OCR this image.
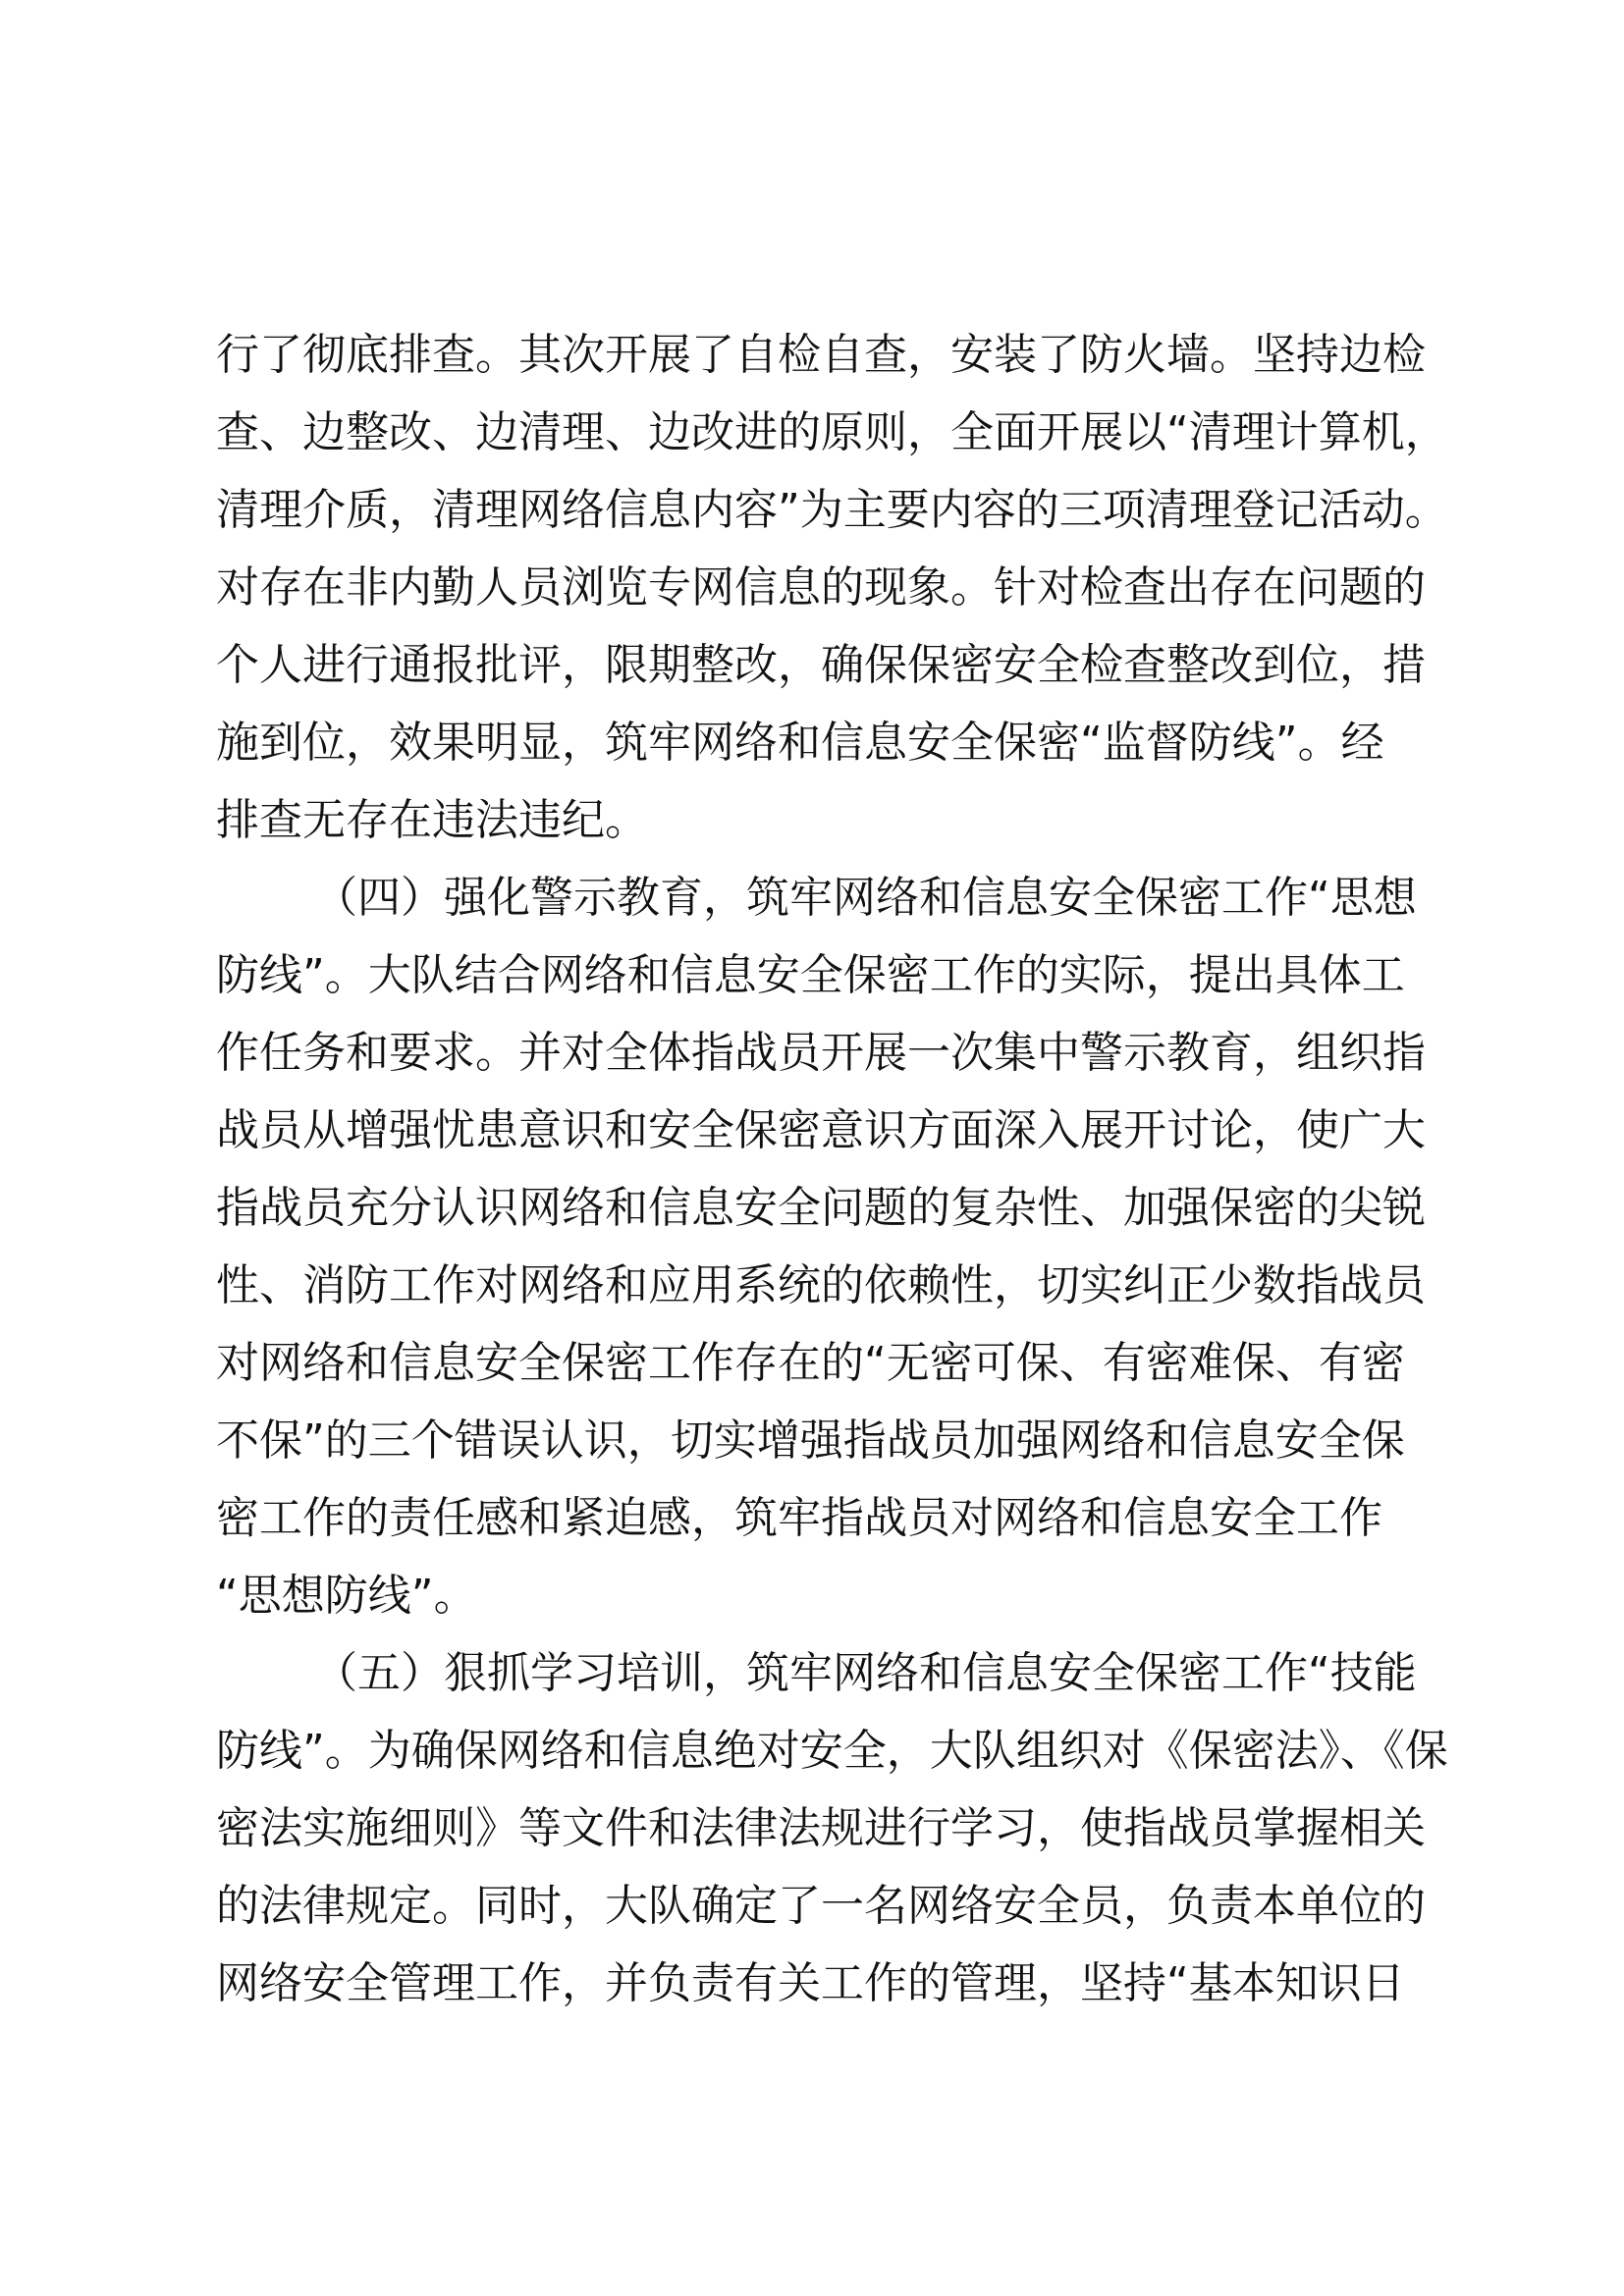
行了彻底排查。其次开展了自检自查，安装了防火墙。坚持边检
查、边整改、边清理、边改进的原则，全面开展以“清理计算机，
清理介质，清理网络信息内容”为主要内容的三项清理登记活动。
对存在非内勤人员浏览专网信息的现象。针对检查出存在问题的
个人进行通报批评，限期整改，确保保密安全检查整改到位，措
施到位，效果明显，筑牢网络和信息安全保密“监督防线”。经
排查无存在违法违纪。
（四）强化警示教育，筑牢网络和信息安全保密工作“思想
防线”。大队结合网络和信息安全保密工作的实际，提出具体工
作任务和要求。并对全体指战员开展一次集中警示教育，组织指
战员从增强忧患意识和安全保密意识方面深入展开讨论，使广大
指战员充分认识网络和信息安全问题的复杂性、加强保密的尖锐
性、消防工作对网络和应用系统的依赖性，切实纠正少数指战员
对网络和信息安全保密工作存在的“无密可保、有密难保、有密
不保”的三个错误认识，切实增强指战员加强网络和信息安全保
密工作的责任感和紧迫感，筑牢指战员对网络和信息安全工作
“思想防线”。
（五）狠抓学习培训，筑牢网络和信息安全保密工作“技能
防线”。为确保网络和信息绝对安全，大队组织对《保密法》、《保
密法实施细则》等文件和法律法规进行学习，使指战员掌握相关
的法律规定。同时，大队确定了一名网络安全员，负责本单位的
网络安全管理工作，并负责有关工作的管理，坚持“基本知识日
